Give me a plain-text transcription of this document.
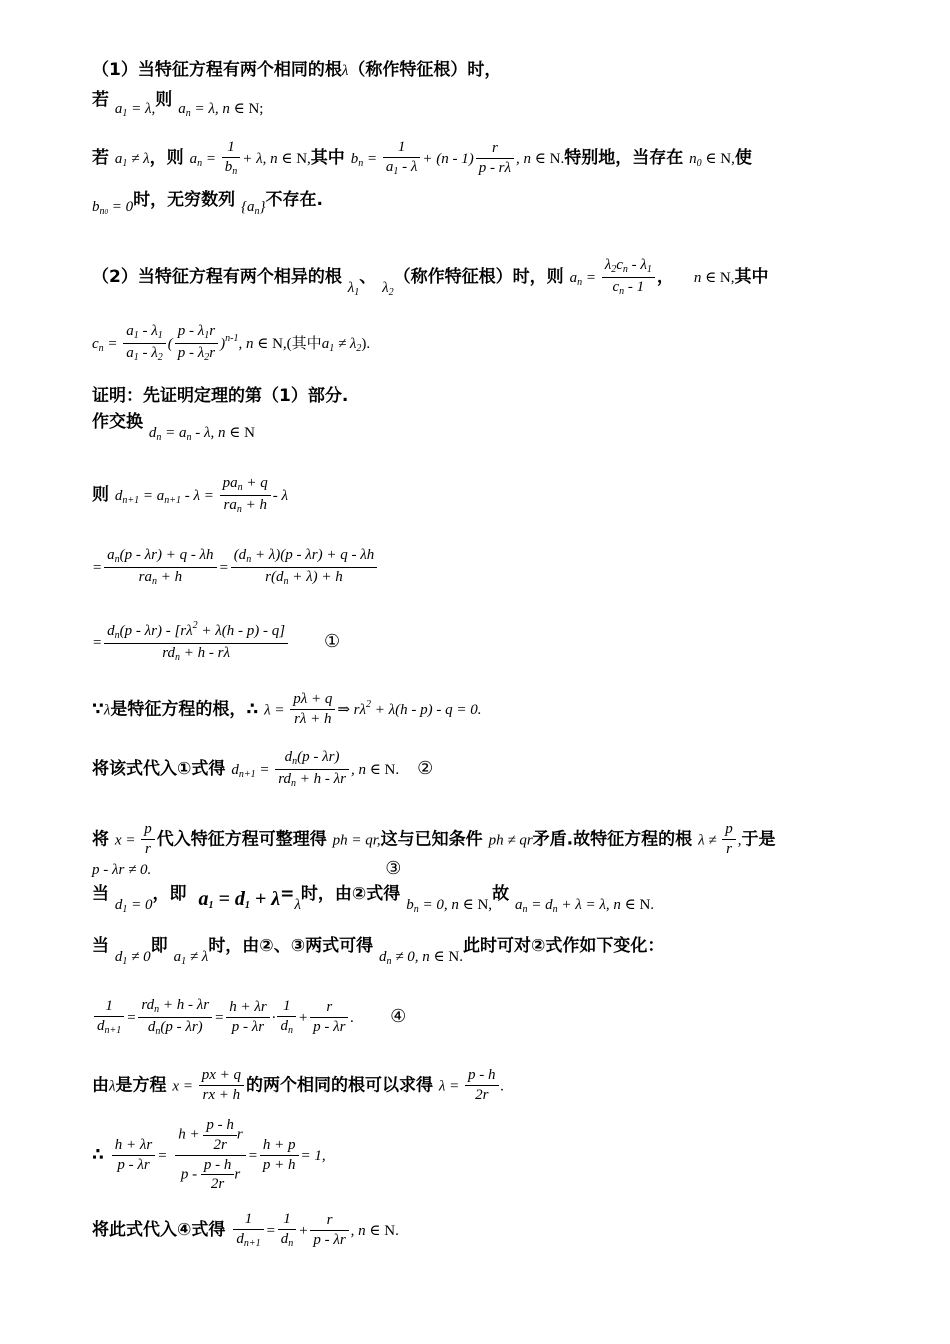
（1）当特征方程有两个相同的根λ（称作特征根）时，
若 $a_1 = \lambda$,则 $a_n = \lambda$, n ∈ N;
若 $a_1 \ne \lambda$，则 $a_n = \frac{1}{b_n} + \lambda$, n ∈ N,其中 $b_n = \frac{1}{a_1 - \lambda} + (n - 1) \frac{r}{p - r\lambda}$ , n ∈ N.特别地，当存在 $n_0$ ∈ N,使
$b_{n0} = 0$时，无穷数列 $\{a_n\}$不存在.
（2）当特征方程有两个相异的根 $\lambda_1$、 $\lambda_2$（称作特征根）时，则 $a_n = \frac{\lambda_2c_n - \lambda_1}{c_n - 1}$ ， n ∈ N,其中
$c_n = \frac{a_1 - \lambda_1}{a_1 - \lambda_2}$ ( $\frac{p - \lambda_1r}{p - \lambda_2r} )^{n-1}$, n ∈ N,(其中$a_1 \ne \lambda_2$).
证明：先证明定理的第（1）部分.
作交换 $d_n = a_n - \lambda$, n ∈ N
则 $d_{n+1} = a_{n+1} - \lambda$ =
$pa_n + q$
$ra_n + h$
- λ
=
$a_n(p - \lambda r) + q - \lambda h$
$ra_n + h$
= $\frac{(d_n + \lambda)(p - \lambda r) + q - \lambda h}{r(d_n + \lambda) + h}$
=
$d_n(p - \lambda r) - [r\lambda^2 + \lambda(h - p) - q]$
$rd_n + h - r\lambda$
①
∵λ是特征方程的根，∴ $\lambda = \frac{p\lambda + q}{r\lambda + h}$ ⇒ $r\lambda^2 + \lambda(h - p) - q = 0$.
将该式代入①式得 $d_{n+1}$ =
$d_n(p - \lambda r)$
$rd_n + h - \lambda r$
, n ∈ N. ②
将 $x = \frac{p}{r}$ 代入特征方程可整理得 ph = qr,这与已知条件 ph ≠ qr矛盾.故特征方程的根 $\lambda \ne \frac{p}{r}$ ,于是
p - λr ≠ 0.	③
当 $d_1 = 0$，即 $a_1 = d_1 + \lambda=\lambda$时，由②式得 $b_n = 0$, n ∈ N,故 $a_n = d_n + \lambda = \lambda$, n ∈ N.
当 $d_1 \ne 0$即 $a_1 \ne \lambda$时，由②、③两式可得 $d_n \ne 0$, n ∈ N.此时可对②式作如下变化：
$\frac{1}{d_{n+1}}$ =
$rd_n + h - \lambda r$
$d_n(p - \lambda r)$
= $\frac{h + \lambda r}{p - \lambda r} \cdot \frac{1}{d_n} + \frac{r}{p - \lambda r}$ . ④
由λ是方程 $x = \frac{px + q}{rx + h}$ 的两个相同的根可以求得 $\lambda = \frac{p - h}{2r}$ .
∴ $\frac{h + \lambda r}{p - \lambda r} = \frac{h + \frac{p - h}{2r} r}{p - \frac{p - h}{2r} r} = \frac{h + p}{p + h} = 1$,
将此式代入④式得 $\frac{1}{d_{n+1}} = \frac{1}{d_n} + \frac{r}{p - \lambda r}$ , n ∈ N.
